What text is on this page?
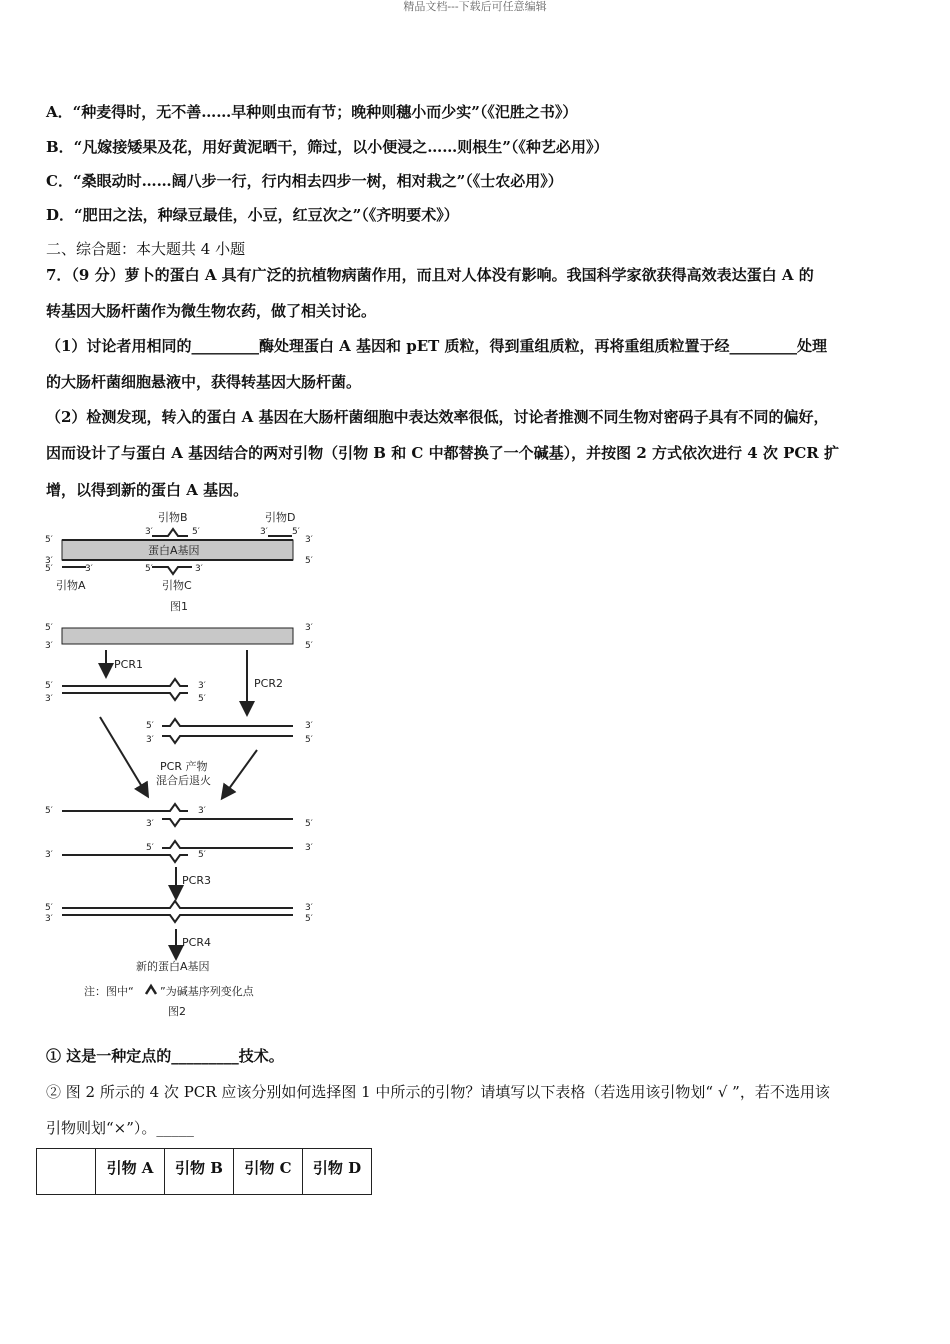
精品文档---下载后可任意编辑
A．“种麦得时，无不善……早种则虫而有节；晚种则穗小而少实”（《汜胜之书》）
B．“凡嫁接矮果及花，用好黄泥晒干，筛过，以小便浸之……则根生”（《种艺必用》）
C．“桑眼动时……阔八步一行，行内相去四步一树，相对栽之”（《士农必用》）
D．“肥田之法，种绿豆最佳，小豆，红豆次之”（《齐明要术》）
二、综合题：本大题共 4 小题
7．（9 分）萝卜的蛋白 A 具有广泛的抗植物病菌作用，而且对人体没有影响。我国科学家欲获得高效表达蛋白 A 的
转基因大肠杆菌作为微生物农药，做了相关讨论。
（1）讨论者用相同的_________酶处理蛋白 A 基因和 pET 质粒，得到重组质粒，再将重组质粒置于经_________处理
的大肠杆菌细胞悬液中，获得转基因大肠杆菌。
（2）检测发现，转入的蛋白 A 基因在大肠杆菌细胞中表达效率很低，讨论者推测不同生物对密码子具有不同的偏好，
因而设计了与蛋白 A 基因结合的两对引物（引物 B 和 C 中都替换了一个碱基），并按图 2 方式依次进行 4 次 PCR 扩
增，以得到新的蛋白 A 基因。
引物B	引物D
3′	5′	3′	5′
5′	3′
蛋白A基因
3′	5′
5′	3′	5′	3′
引物A	引物C
图1
5′	3′
3′	5′
PCR1
PCR2
5′	3′
3′	5′
5′	3′
3′	5′
PCR 产物
混合后退火
5′	3′
3′	5′
5′	3′
3′	5′
PCR3
5′	3′
3′	5′
PCR4
新的蛋白A基因
注：图中“ ”为碱基序列变化点
图2
① 这是一种定点的_________技术。
② 图 2 所示的 4 次 PCR 应该分别如何选择图 1 中所示的引物？请填写以下表格（若选用该引物划“ √ ”，若不选用该
引物则划“×”）。_____
	引物 A	引物 B	引物 C	引物 D
